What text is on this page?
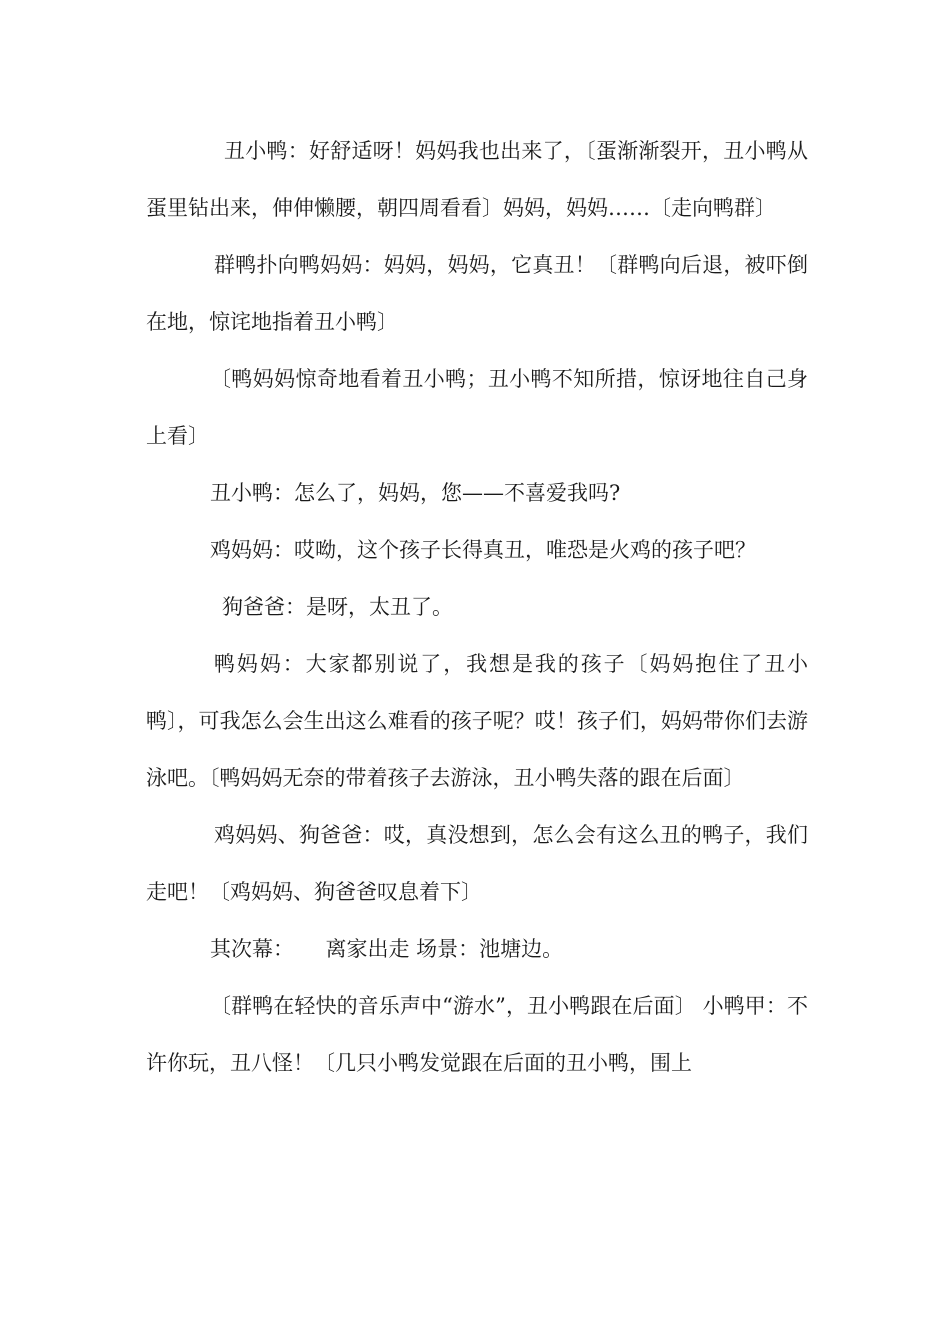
丑小鸭：好舒适呀！妈妈我也出来了，〔蛋渐渐裂开，丑小鸭从蛋里钻出来，伸伸懒腰，朝四周看看〕妈妈，妈妈……〔走向鸭群〕

群鸭扑向鸭妈妈：妈妈，妈妈，它真丑！〔群鸭向后退，被吓倒在地，惊诧地指着丑小鸭〕

〔鸭妈妈惊奇地看着丑小鸭；丑小鸭不知所措，惊讶地往自己身上看〕

丑小鸭：怎么了，妈妈，您——不喜爱我吗?

鸡妈妈：哎呦，这个孩子长得真丑，唯恐是火鸡的孩子吧？

狗爸爸：是呀，太丑了。

鸭妈妈：大家都别说了，我想是我的孩子〔妈妈抱住了丑小鸭〕，可我怎么会生出这么难看的孩子呢？哎！孩子们，妈妈带你们去游泳吧。〔鸭妈妈无奈的带着孩子去游泳，丑小鸭失落的跟在后面〕

鸡妈妈、狗爸爸：哎，真没想到，怎么会有这么丑的鸭子，我们走吧！〔鸡妈妈、狗爸爸叹息着下〕

其次幕：　　离家出走 场景：池塘边。

〔群鸭在轻快的音乐声中“游水”，丑小鸭跟在后面〕 小鸭甲：不许你玩，丑八怪！〔几只小鸭发觉跟在后面的丑小鸭，围上
